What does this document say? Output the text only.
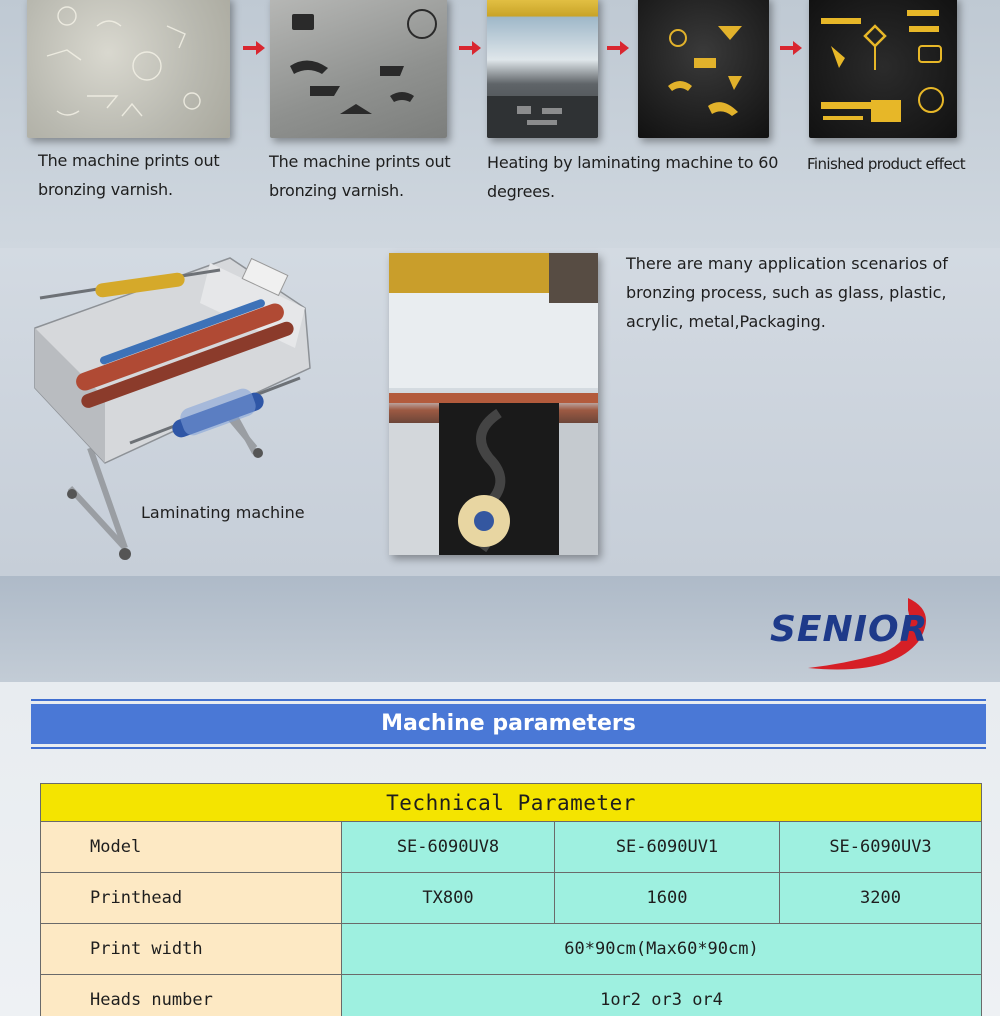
The machine prints out bronzing varnish.
The machine prints out bronzing varnish.
Heating by laminating machine to 60 degrees.
Finished product effect
Laminating machine
There are many application scenarios of bronzing process, such as glass, plastic, acrylic, metal,Packaging.
SENIOR
Machine parameters
Technical Parameter			
Model	SE-6090UV8	SE-6090UV1	SE-6090UV3
Printhead	TX800	1600	3200
Print width	60*90cm(Max60*90cm)		
Heads number	1or2 or3 or4		
